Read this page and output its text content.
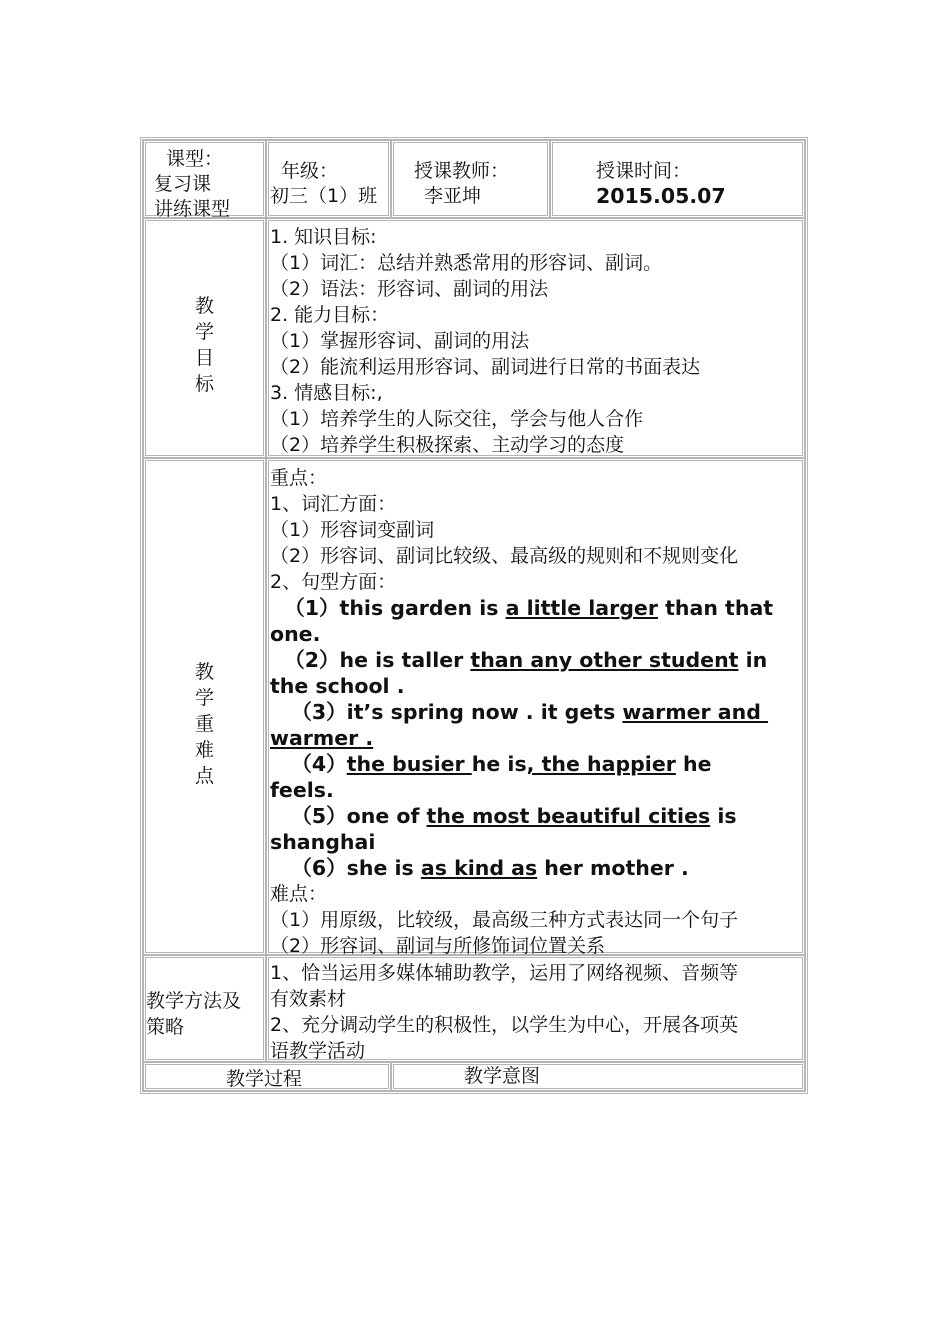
课型：
复习课
讲练课型
年级：
初三（1）班
授课教师：
李亚坤
授课时间：
2015.05.07
教
学
目
标
1. 知识目标:
（1）词汇：总结并熟悉常用的形容词、副词。
（2）语法：形容词、副词的用法
2. 能力目标：
（1）掌握形容词、副词的用法
（2）能流利运用形容词、副词进行日常的书面表达
3. 情感目标:,
（1）培养学生的人际交往，学会与他人合作
（2）培养学生积极探索、主动学习的态度
教
学
重
难
点
重点：
1、词汇方面：
（1）形容词变副词
（2）形容词、副词比较级、最高级的规则和不规则变化
2、句型方面：
（1）this garden is a little larger than that
one.
（2）he is taller than any other student in
the school .
（3）it’s spring now . it gets warmer and
warmer .
（4）the busier he is, the happier he
feels.
（5）one of the most beautiful cities is
shanghai
（6）she is as kind as her mother .
难点：
（1）用原级，比较级，最高级三种方式表达同一个句子
（2）形容词、副词与所修饰词位置关系
教学方法及
策略
1、恰当运用多媒体辅助教学，运用了网络视频、音频等
有效素材
2、充分调动学生的积极性，以学生为中心，开展各项英
语教学活动
教学过程	教学意图
